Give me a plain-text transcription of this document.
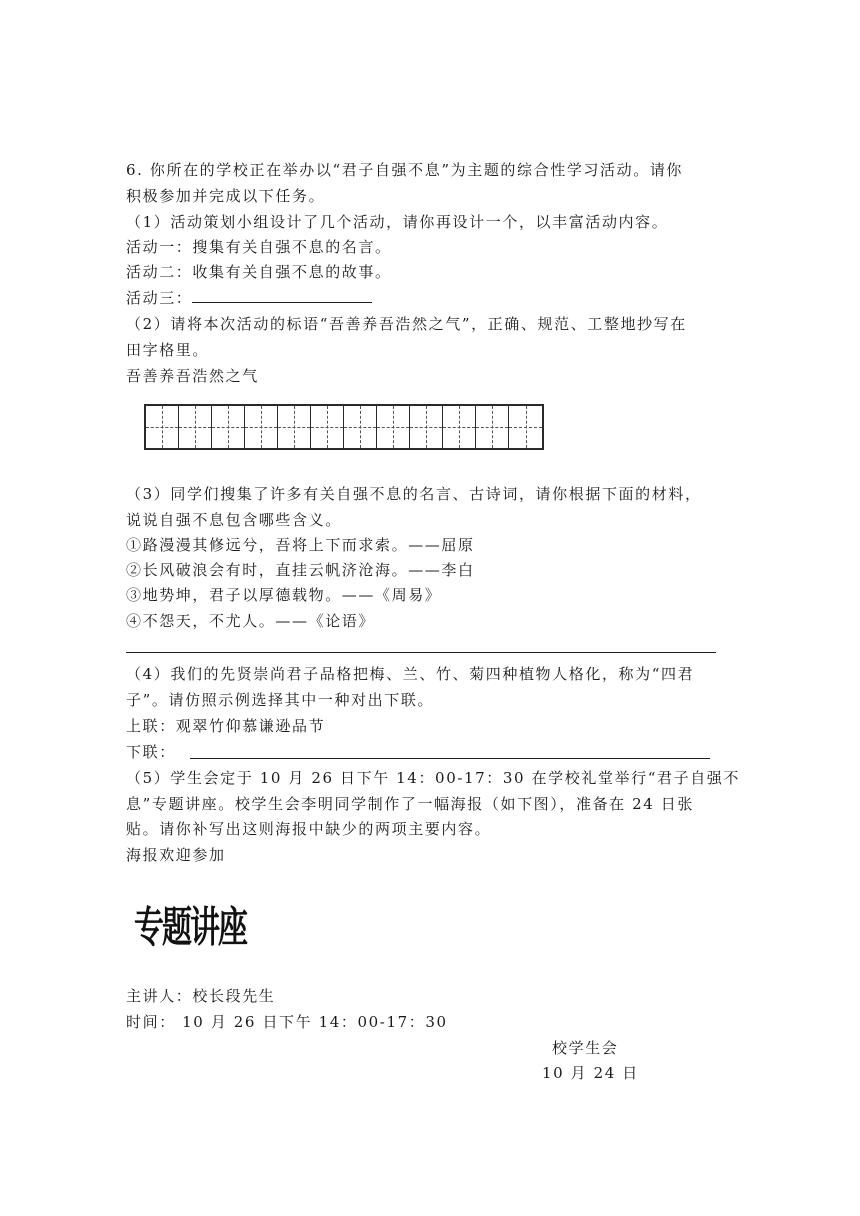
6. 你所在的学校正在举办以“君子自强不息”为主题的综合性学习活动。请你
积极参加并完成以下任务。
（1）活动策划小组设计了几个活动，请你再设计一个，以丰富活动内容。
活动一：搜集有关自强不息的名言。
活动二：收集有关自强不息的故事。
活动三：
（2）请将本次活动的标语“吾善养吾浩然之气”，正确、规范、工整地抄写在
田字格里。
吾善养吾浩然之气
（3）同学们搜集了许多有关自强不息的名言、古诗词，请你根据下面的材料，
说说自强不息包含哪些含义。
①路漫漫其修远兮，吾将上下而求索。——屈原
②长风破浪会有时，直挂云帆济沧海。——李白
③地势坤，君子以厚德载物。——《周易》
④不怨天，不尤人。——《论语》
（4）我们的先贤崇尚君子品格把梅、兰、竹、菊四种植物人格化，称为“四君
子”。请仿照示例选择其中一种对出下联。
上联：观翠竹仰慕谦逊品节
下联：
（5）学生会定于 10 月 26 日下午 14：00-17：30 在学校礼堂举行“君子自强不
息”专题讲座。校学生会李明同学制作了一幅海报（如下图），准备在 24 日张
贴。请你补写出这则海报中缺少的两项主要内容。
海报欢迎参加
专题讲座
主讲人：校长段先生
时间： 10 月 26 日下午 14：00-17：30
校学生会
10 月 24 日
